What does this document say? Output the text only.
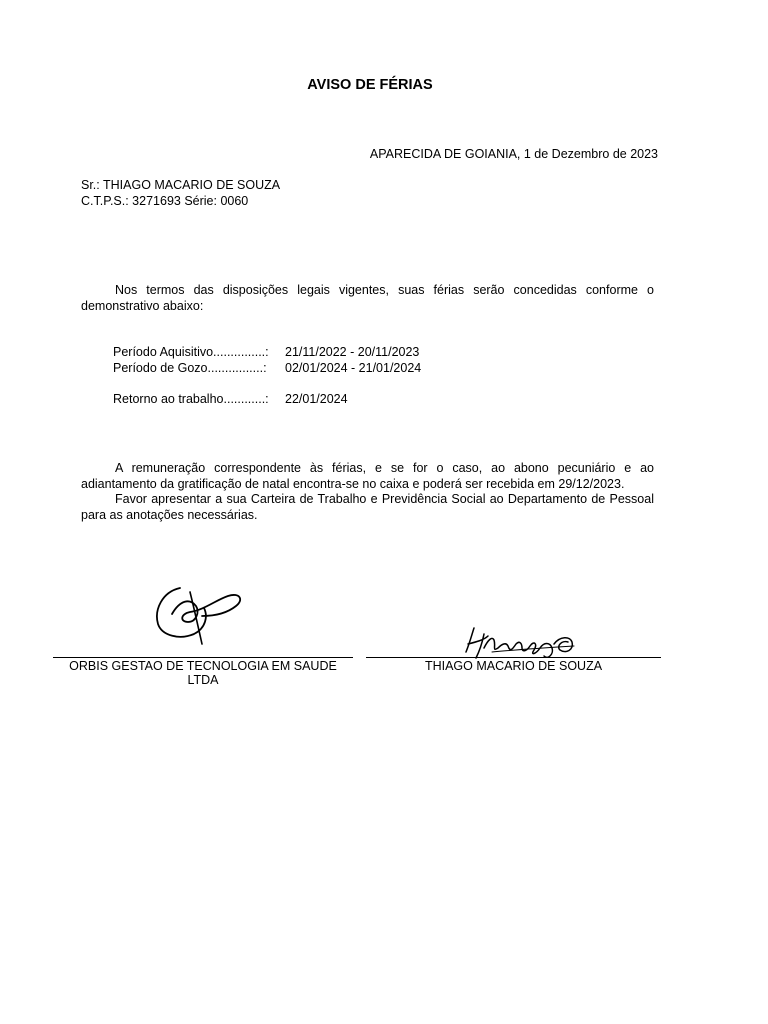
AVISO DE FÉRIAS
APARECIDA DE GOIANIA, 1 de Dezembro de 2023
Sr.: THIAGO MACARIO DE SOUZA
C.T.P.S.: 3271693 Série: 0060
Nos termos das disposições legais vigentes, suas férias serão concedidas conforme o demonstrativo abaixo:
Período Aquisitivo...............:	21/11/2022 - 20/11/2023
Período de Gozo................:	02/01/2024 - 21/01/2024
Retorno ao trabalho............:	22/01/2024
A remuneração correspondente às férias, e se for o caso, ao abono pecuniário e ao adiantamento da gratificação de natal encontra-se no caixa e poderá ser recebida em 29/12/2023.
Favor apresentar a sua Carteira de Trabalho e Previdência Social ao Departamento de Pessoal para as anotações necessárias.
ORBIS GESTAO DE TECNOLOGIA EM SAUDE LTDA
THIAGO MACARIO DE SOUZA
